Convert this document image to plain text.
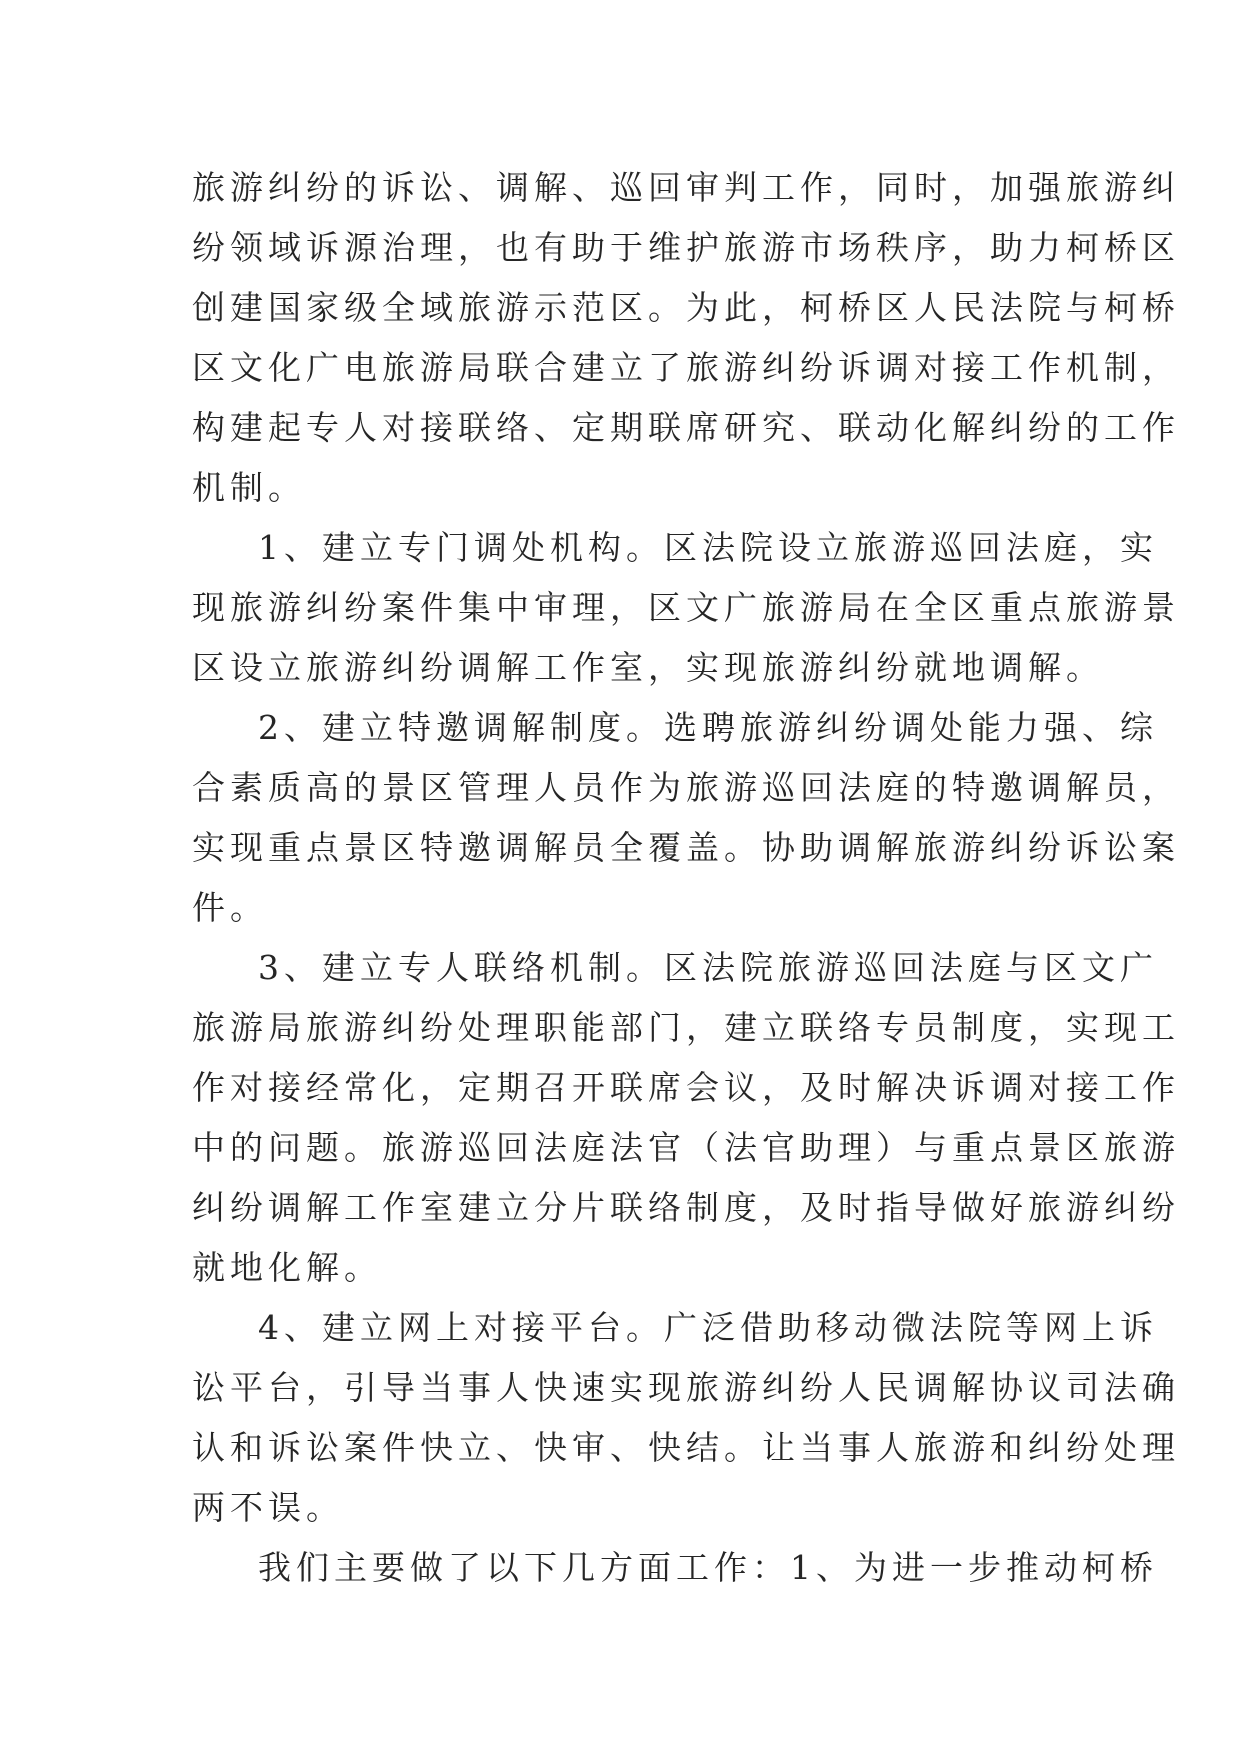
旅游纠纷的诉讼、调解、巡回审判工作，同时，加强旅游纠
纷领域诉源治理，也有助于维护旅游市场秩序，助力柯桥区
创建国家级全域旅游示范区。为此，柯桥区人民法院与柯桥
区文化广电旅游局联合建立了旅游纠纷诉调对接工作机制，
构建起专人对接联络、定期联席研究、联动化解纠纷的工作
机制。
1、建立专门调处机构。区法院设立旅游巡回法庭，实
现旅游纠纷案件集中审理，区文广旅游局在全区重点旅游景
区设立旅游纠纷调解工作室，实现旅游纠纷就地调解。
2、建立特邀调解制度。选聘旅游纠纷调处能力强、综
合素质高的景区管理人员作为旅游巡回法庭的特邀调解员，
实现重点景区特邀调解员全覆盖。协助调解旅游纠纷诉讼案
件。
3、建立专人联络机制。区法院旅游巡回法庭与区文广
旅游局旅游纠纷处理职能部门，建立联络专员制度，实现工
作对接经常化，定期召开联席会议，及时解决诉调对接工作
中的问题。旅游巡回法庭法官（法官助理）与重点景区旅游
纠纷调解工作室建立分片联络制度，及时指导做好旅游纠纷
就地化解。
4、建立网上对接平台。广泛借助移动微法院等网上诉
讼平台，引导当事人快速实现旅游纠纷人民调解协议司法确
认和诉讼案件快立、快审、快结。让当事人旅游和纠纷处理
两不误。
我们主要做了以下几方面工作：1、为进一步推动柯桥
